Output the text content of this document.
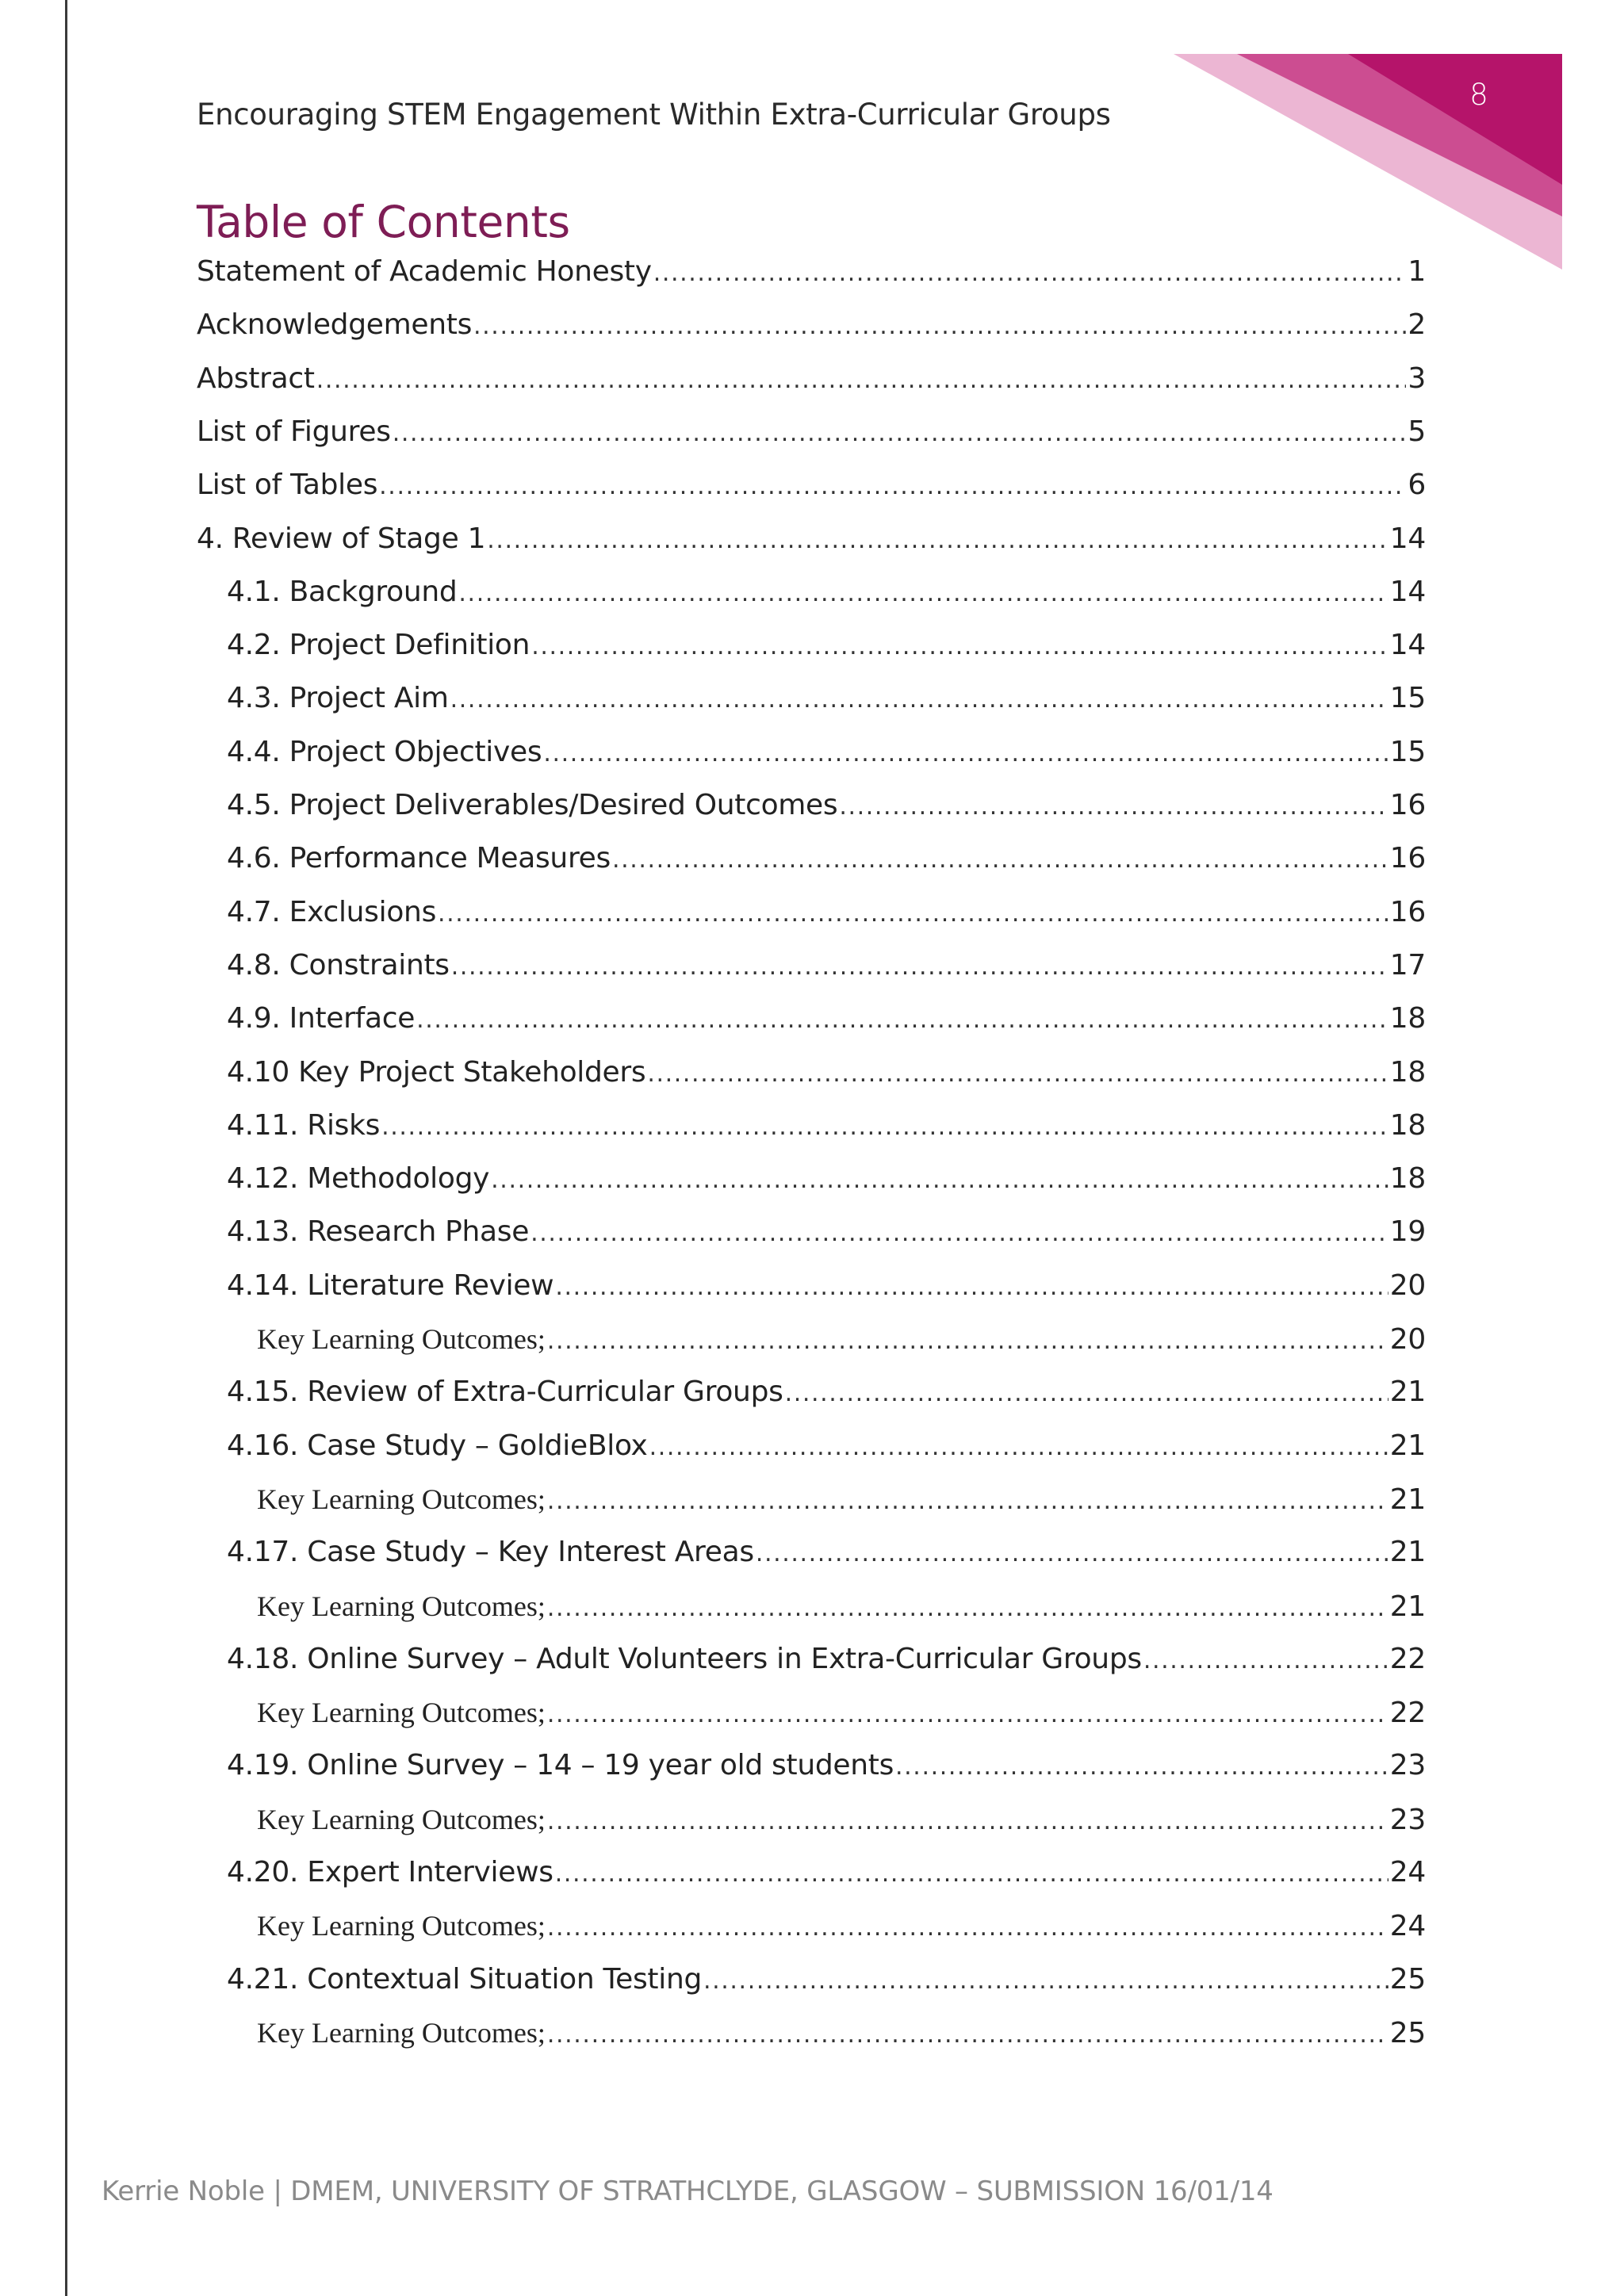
8
Encouraging STEM Engagement Within Extra-Curricular Groups
Table of Contents
Statement of Academic Honesty .....	1
Acknowledgements .....	2
Abstract .....	3
List of Figures .....	5
List of Tables .....	6
4. Review of Stage 1 .....	14
4.1. Background .....	14
4.2. Project Definition .....	14
4.3. Project Aim .....	15
4.4. Project Objectives .....	15
4.5. Project Deliverables/Desired Outcomes .....	16
4.6. Performance Measures .....	16
4.7. Exclusions .....	16
4.8. Constraints .....	17
4.9. Interface .....	18
4.10 Key Project Stakeholders .....	18
4.11. Risks .....	18
4.12. Methodology .....	18
4.13. Research Phase .....	19
4.14. Literature Review .....	20
Key Learning Outcomes; .....	20
4.15. Review of Extra-Curricular Groups .....	21
4.16. Case Study – GoldieBlox .....	21
Key Learning Outcomes; .....	21
4.17. Case Study – Key Interest Areas .....	21
Key Learning Outcomes; .....	21
4.18. Online Survey – Adult Volunteers in Extra-Curricular Groups .....	22
Key Learning Outcomes; .....	22
4.19. Online Survey – 14 – 19 year old students .....	23
Key Learning Outcomes; .....	23
4.20. Expert Interviews .....	24
Key Learning Outcomes; .....	24
4.21. Contextual Situation Testing .....	25
Key Learning Outcomes; .....	25
Kerrie Noble | DMEM, UNIVERSITY OF STRATHCLYDE, GLASGOW – SUBMISSION 16/01/14
